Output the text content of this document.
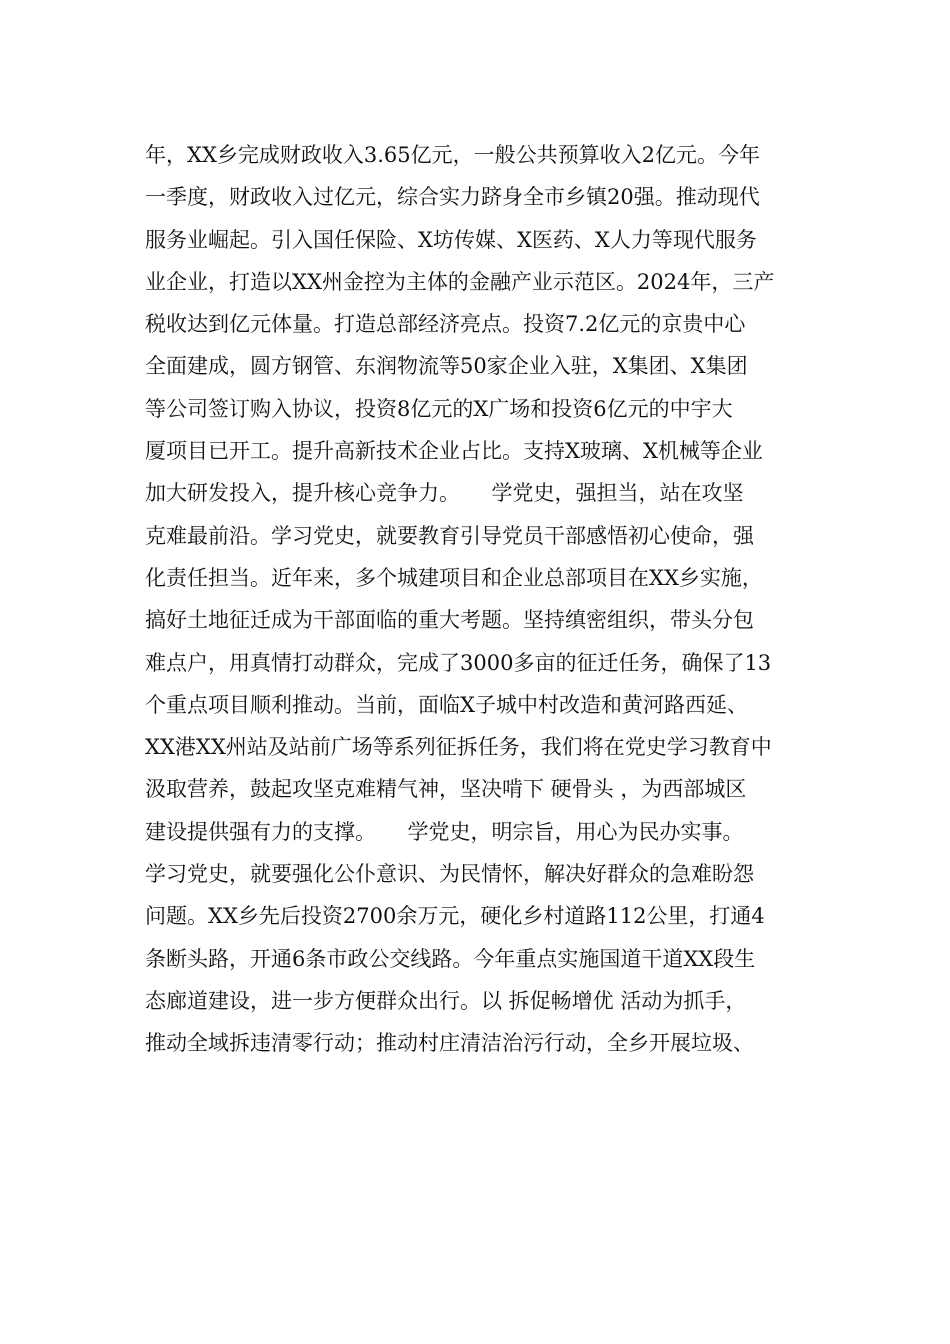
年，XX乡完成财政收入3.65亿元，一般公共预算收入2亿元。今年
一季度，财政收入过亿元，综合实力跻身全市乡镇20强。推动现代
服务业崛起。引入国任保险、X坊传媒、X医药、X人力等现代服务
业企业，打造以XX州金控为主体的金融产业示范区。2024年，三产
税收达到亿元体量。打造总部经济亮点。投资7.2亿元的京贵中心
全面建成，圆方钢管、东润物流等50家企业入驻，X集团、X集团
等公司签订购入协议，投资8亿元的X广场和投资6亿元的中宇大
厦项目已开工。提升高新技术企业占比。支持X玻璃、X机械等企业
加大研发投入，提升核心竞争力。　　学党史，强担当，站在攻坚
克难最前沿。学习党史，就要教育引导党员干部感悟初心使命，强
化责任担当。近年来，多个城建项目和企业总部项目在XX乡实施，
搞好土地征迁成为干部面临的重大考题。坚持缜密组织，带头分包
难点户，用真情打动群众，完成了3000多亩的征迁任务，确保了13
个重点项目顺利推动。当前，面临X子城中村改造和黄河路西延、
XX港XX州站及站前广场等系列征拆任务，我们将在党史学习教育中
汲取营养，鼓起攻坚克难精气神，坚决啃下 硬骨头 ，为西部城区
建设提供强有力的支撑。　　学党史，明宗旨，用心为民办实事。
学习党史，就要强化公仆意识、为民情怀，解决好群众的急难盼怨
问题。XX乡先后投资2700余万元，硬化乡村道路112公里，打通4
条断头路，开通6条市政公交线路。今年重点实施国道干道XX段生
态廊道建设，进一步方便群众出行。以 拆促畅增优 活动为抓手，
推动全域拆违清零行动；推动村庄清洁治污行动，全乡开展垃圾、
